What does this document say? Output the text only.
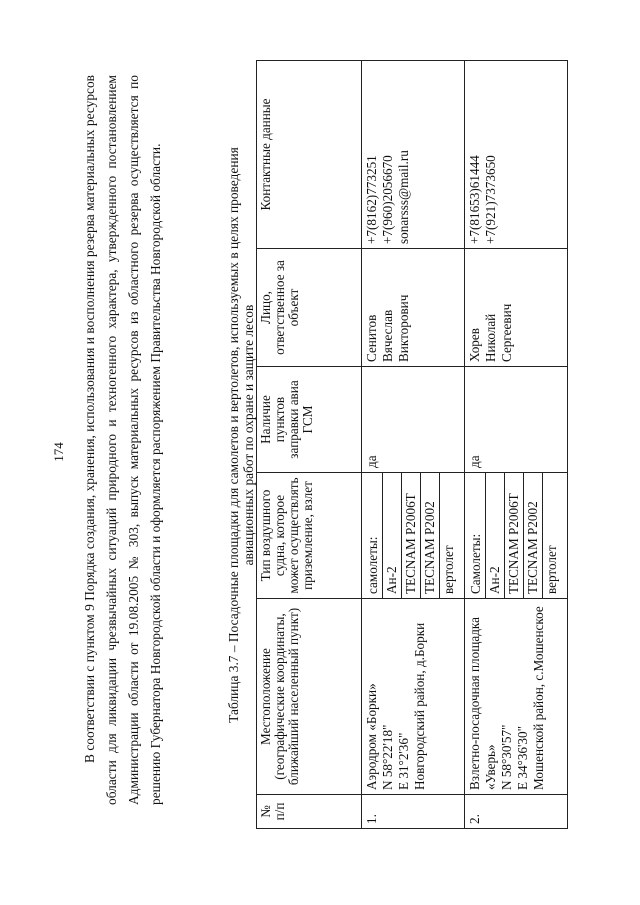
174 В соответствии с пунктом 9 Порядка создания, хранения, использования и восполнения резерва материальных ресурсов области для ликвидации чрезвычайных ситуаций природного и техногенного характера, утвержденного постановлением Администрации области от 19.08.2005 № 303, выпуск материальных ресурсов из областного резерва осуществляется по решению Губернатора Новгородской области и оформляется распоряжением Правительства Новгородской области.	Таблица 3.7 – Посадочные площадки для самолетов и вертолетов, используемых в целях проведения авиационных работ по охране и защите лесов
№ п/п	Местоположение (географические координаты, ближайший населенный пункт)	Тип воздушного судна, которое может осуществлять приземление, взлет	Наличие пунктов заправки авиа ГСМ	Лицо, ответственное за объект	Контактные данные
1.	Аэродром «Борки» N 58°22'18" E 31°2'36" Новгородский район, д.Борки	самолеты: Ан-2 TECNAM P2006T TECNAM P2002 вертолет	да	Сенитов Вячеслав Викторович	+7(8162)773251 +7(960)2056670 sonarsss@mail.ru

2.	Взлетно-посадочная площадка «Уверь» N 58°30'57" E 34°36'30" Мошенской район, с.Мошенское	Самолеты: Ан-2 TECNAM P2006T TECNAM P2002 вертолет	да	Хорев Николай Сергеевич	+7(81653)61444 +7(921)7373650
